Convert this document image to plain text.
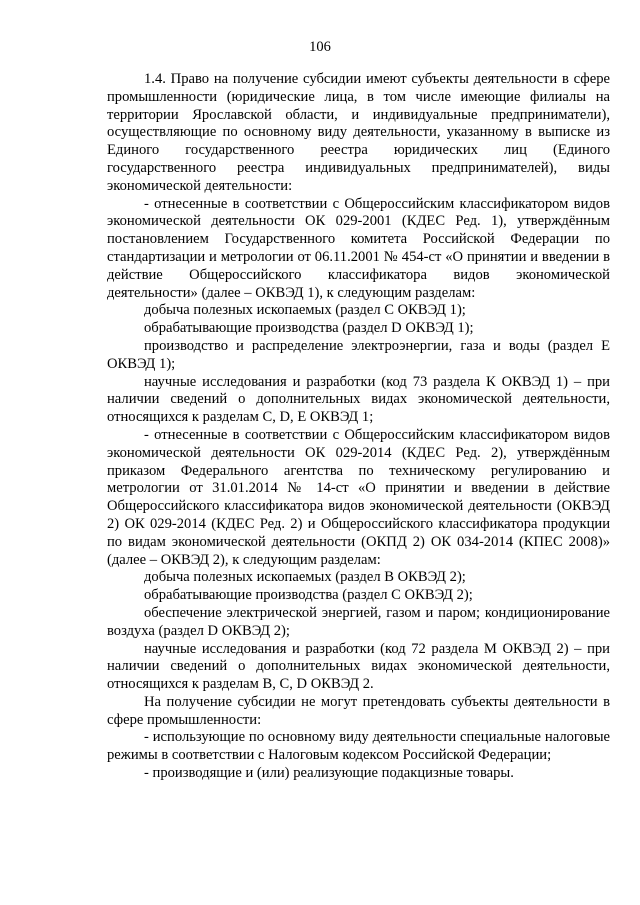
106

1.4. Право на получение субсидии имеют субъекты деятельности в сфере промышленности (юридические лица, в том числе имеющие филиалы на территории Ярославской области, и индивидуальные предприниматели), осуществляющие по основному виду деятельности, указанному в выписке из Единого государственного реестра юридических лиц (Единого государственного реестра индивидуальных предпринимателей), виды экономической деятельности:

- отнесенные в соответствии с Общероссийским классификатором видов экономической деятельности ОК 029-2001 (КДЕС Ред. 1), утверждённым постановлением Государственного комитета Российской Федерации по стандартизации и метрологии от 06.11.2001 № 454-ст «О принятии и введении в действие Общероссийского классификатора видов экономической деятельности» (далее – ОКВЭД 1), к следующим разделам:

добыча полезных ископаемых (раздел С ОКВЭД 1);

обрабатывающие производства (раздел D ОКВЭД 1);

производство и распределение электроэнергии, газа и воды (раздел Е ОКВЭД 1);

научные исследования и разработки (код 73 раздела К ОКВЭД 1) – при наличии сведений о дополнительных видах экономической деятельности, относящихся к разделам C, D, E ОКВЭД 1;

- отнесенные в соответствии с Общероссийским классификатором видов экономической деятельности ОК 029-2014 (КДЕС Ред. 2), утверждённым приказом Федерального агентства по техническому регулированию и метрологии от 31.01.2014 № 14-ст «О принятии и введении в действие Общероссийского классификатора видов экономической деятельности (ОКВЭД 2) ОК 029-2014 (КДЕС Ред. 2) и Общероссийского классификатора продукции по видам экономической деятельности (ОКПД 2) ОК 034-2014 (КПЕС 2008)» (далее – ОКВЭД 2), к следующим разделам:

добыча полезных ископаемых (раздел В ОКВЭД 2);

обрабатывающие производства (раздел С ОКВЭД 2);

обеспечение электрической энергией, газом и паром; кондиционирование воздуха (раздел D ОКВЭД 2);

научные исследования и разработки (код 72 раздела М ОКВЭД 2) – при наличии сведений о дополнительных видах экономической деятельности, относящихся к разделам B, C, D ОКВЭД 2.

На получение субсидии не могут претендовать субъекты деятельности в сфере промышленности:

- использующие по основному виду деятельности специальные налоговые режимы в соответствии с Налоговым кодексом Российской Федерации;

- производящие и (или) реализующие подакцизные товары.
